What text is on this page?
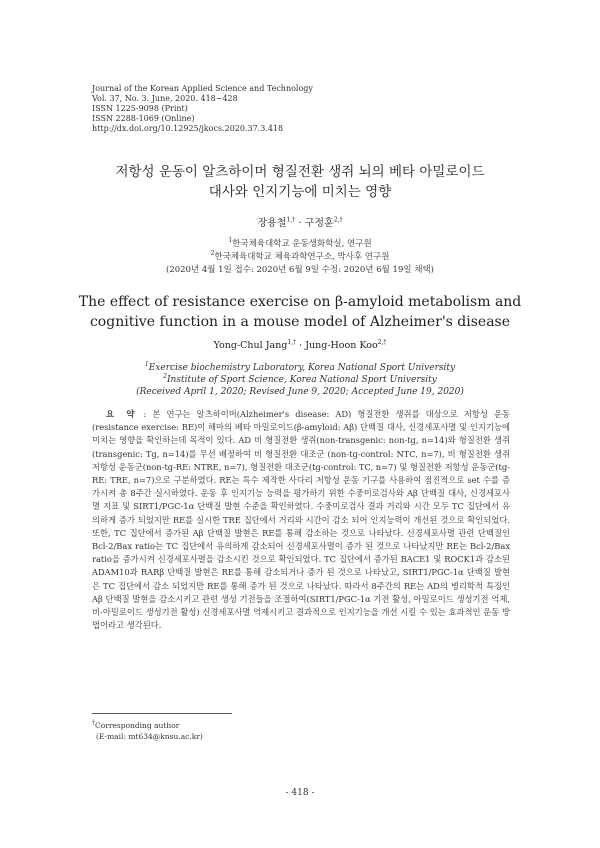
Journal of the Korean Applied Science and Technology
Vol. 37, No. 3. June, 2020. 418~428
ISSN 1225-9098 (Print)
ISSN 2288-1069 (Online)
http://dx.doi.org/10.12925/jkocs.2020.37.3.418
저항성 운동이 알츠하이머 형질전환 생쥐 뇌의 베타 아밀로이드
대사와 인지기능에 미치는 영향
장용철$^{1,\dagger}$ · 구정훈$^{2,\dagger}$
$^1$한국체육대학교 운동생화학실, 연구원
$^2$한국체육대학교 체육과학연구소, 박사후 연구원
(2020년 4월 1일 접수: 2020년 6월 9일 수정: 2020년 6월 19일 채택)
The effect of resistance exercise on β-amyloid metabolism and
cognitive function in a mouse model of Alzheimer's disease
Yong-Chul Jang$^{1,\dagger}$ · Jung-Hoon Koo$^{2,\dagger}$
$^1$Exercise biochemistry Laboratory, Korea National Sport University
$^2$Institute of Sport Science, Korea National Sport University
(Received April 1, 2020; Revised June 9, 2020; Accepted June 19, 2020)
요 약 : 본 연구는 알츠하이머(Alzheimer's disease: AD) 형질전환 생쥐를 대상으로 저항성 운동(resistance exercise: RE)이 해마의 베타 아밀로이드(β-amyloid: Aβ) 단백질 대사, 신경세포사멸 및 인지기능에 미치는 영향을 확인하는데 목적이 있다. AD 비 형질전환 생쥐(non-transgenic: non-tg, n=14)와 형질전환 생쥐(transgenic: Tg, n=14)를 무선 배정하여 비 형질전환 대조군 (non-tg-control: NTC, n=7), 비 형질전환 생쥐 저항성 운동군(non-tg-RE: NTRE, n=7), 형질전환 대조군(tg-control: TC, n=7) 및 형질전환 저항성 운동군(tg-RE: TRE, n=7)으로 구분하였다. RE는 특수 제작한 사다리 저항성 운동 기구를 사용하여 점진적으로 set 수를 증가시켜 총 8주간 실시하였다. 운동 후 인지기능 능력을 평가하기 위한 수중미로검사와 Aβ 단백질 대사, 신경세포사멸 지표 및 SIRT1/PGC-1α 단백질 발현 수준을 확인하였다. 수중미로검사 결과 거리와 시간 모두 TC 집단에서 유의하게 증가 되었지만 RE를 실시한 TRE 집단에서 거리와 시간이 감소 되어 인지능력이 개선된 것으로 확인되었다. 또한, TC 집단에서 증가된 Aβ 단백질 발현은 RE를 통해 감소하는 것으로 나타났다. 신경세포사멸 관련 단백질인 Bcl-2/Bax ratio는 TC 집단에서 유의하게 감소되어 신경세포사멸이 증가 된 것으로 나타났지만 RE는 Bcl-2/Bax ratio을 증가시켜 신경세포사멸을 감소시킨 것으로 확인되었다. TC 집단에서 증가된 BACE1 및 ROCK1과 감소된 ADAM10과 RARβ 단백질 발현은 RE를 통해 감소되거나 증가 된 것으로 나타났고, SIRT1/PGC-1α 단백질 발현은 TC 집단에서 감소 되었지만 RE를 통해 증가 된 것으로 나타났다. 따라서 8주간의 RE는 AD의 병리학적 특징인 Aβ 단백질 발현을 감소시키고 관련 생성 기전들을 조절하여(SIRT1/PGC-1α 기전 활성, 아밀로이드 생성기전 억제, 비-아밀로이드 생성기전 활성) 신경세포사멸 억제시키고 결과적으로 인지기능을 개선 시킬 수 있는 효과적인 운동 방법이라고 생각된다.
†Corresponding author
(E-mail: mt634@knsu.ac.kr)
- 418 -
